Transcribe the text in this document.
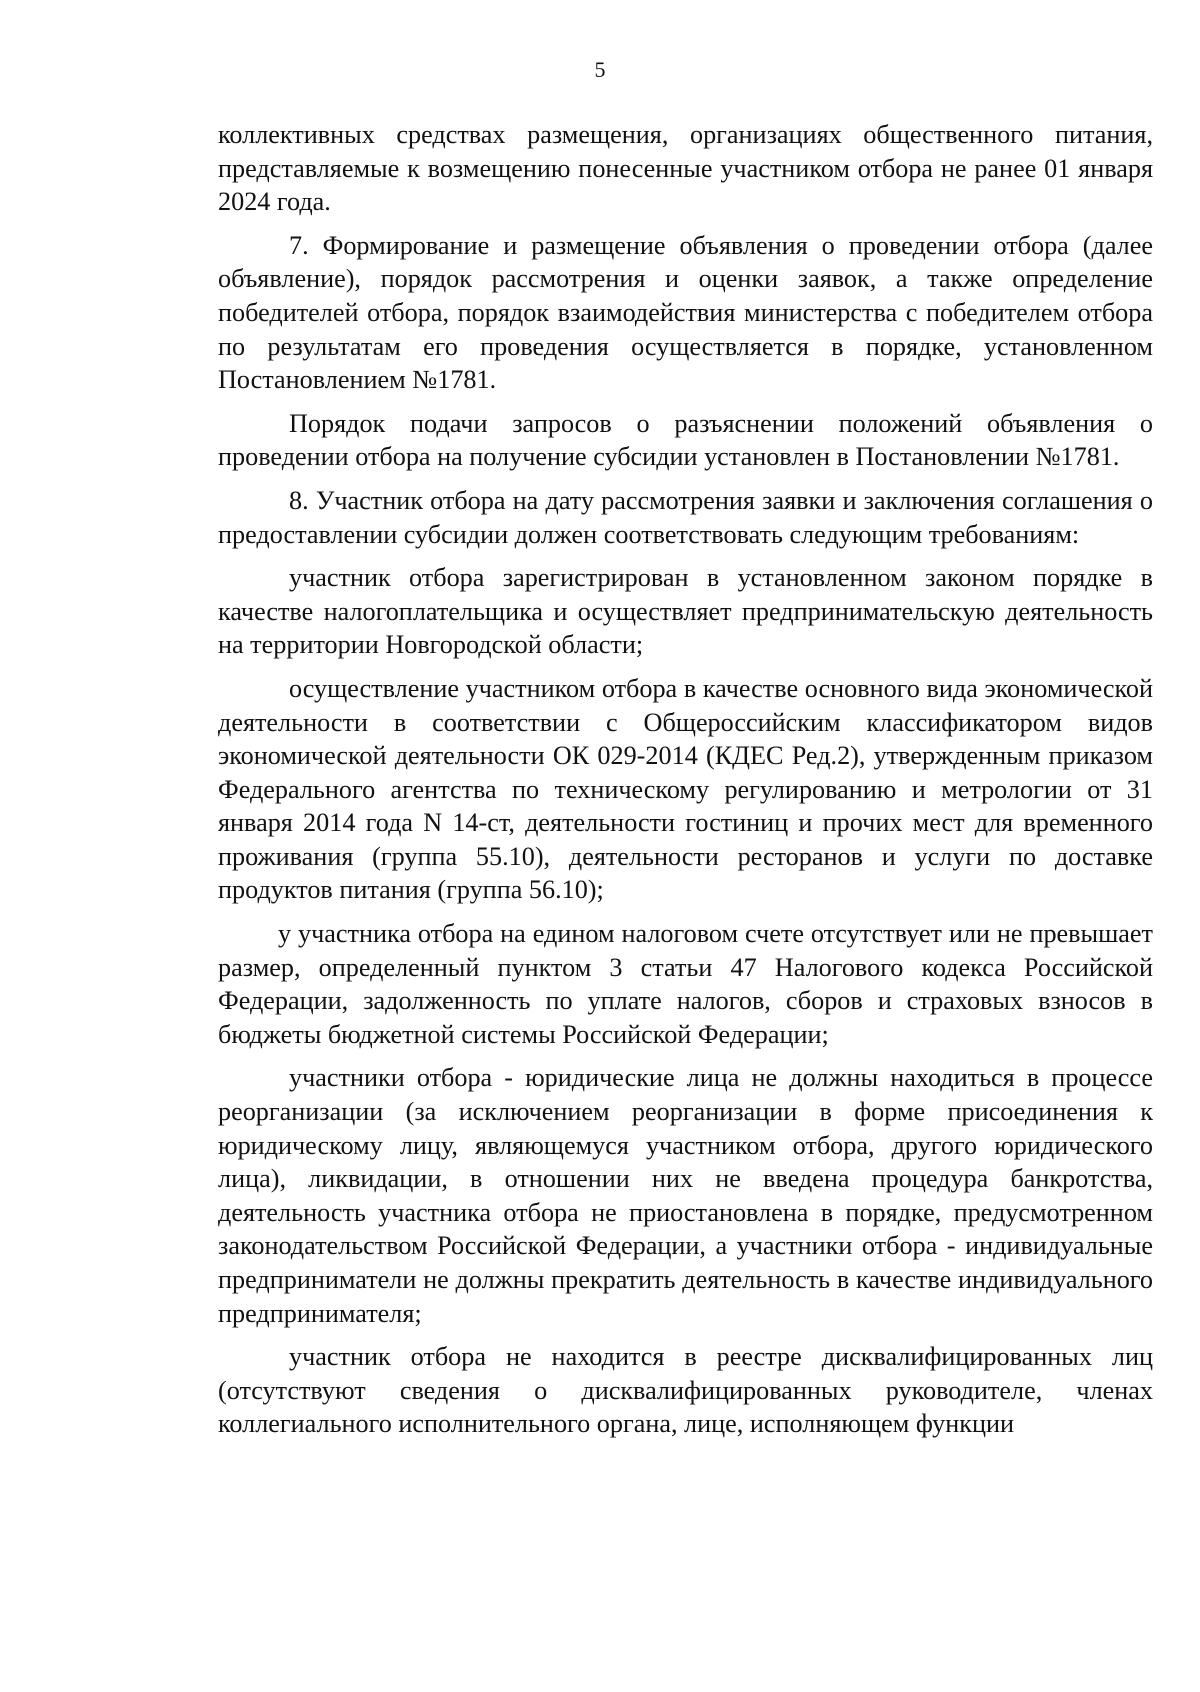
5

коллективных средствах размещения, организациях общественного питания, представляемые к возмещению понесенные участником отбора не ранее 01 января 2024 года.

7. Формирование и размещение объявления о проведении отбора (далее объявление), порядок рассмотрения и оценки заявок, а также определение победителей отбора, порядок взаимодействия министерства с победителем отбора по результатам его проведения осуществляется в порядке, установленном Постановлением №1781.

Порядок подачи запросов о разъяснении положений объявления о проведении отбора на получение субсидии установлен в Постановлении №1781.

8. Участник отбора на дату рассмотрения заявки и заключения соглашения о предоставлении субсидии должен соответствовать следующим требованиям:

участник отбора зарегистрирован в установленном законом порядке в качестве налогоплательщика и осуществляет предпринимательскую деятельность на территории Новгородской области;

осуществление участником отбора в качестве основного вида экономической деятельности в соответствии с Общероссийским классификатором видов экономической деятельности ОК 029-2014 (КДЕС Ред.2), утвержденным приказом Федерального агентства по техническому регулированию и метрологии от 31 января 2014 года N 14-ст, деятельности гостиниц и прочих мест для временного проживания (группа 55.10), деятельности ресторанов и услуги по доставке продуктов питания (группа 56.10);

у участника отбора на едином налоговом счете отсутствует или не превышает размер, определенный пунктом 3 статьи 47 Налогового кодекса Российской Федерации, задолженность по уплате налогов, сборов и страховых взносов в бюджеты бюджетной системы Российской Федерации;

участники отбора - юридические лица не должны находиться в процессе реорганизации (за исключением реорганизации в форме присоединения к юридическому лицу, являющемуся участником отбора, другого юридического лица), ликвидации, в отношении них не введена процедура банкротства, деятельность участника отбора не приостановлена в порядке, предусмотренном законодательством Российской Федерации, а участники отбора - индивидуальные предприниматели не должны прекратить деятельность в качестве индивидуального предпринимателя;

участник отбора не находится в реестре дисквалифицированных лиц (отсутствуют сведения о дисквалифицированных руководителе, членах коллегиального исполнительного органа, лице, исполняющем функции
